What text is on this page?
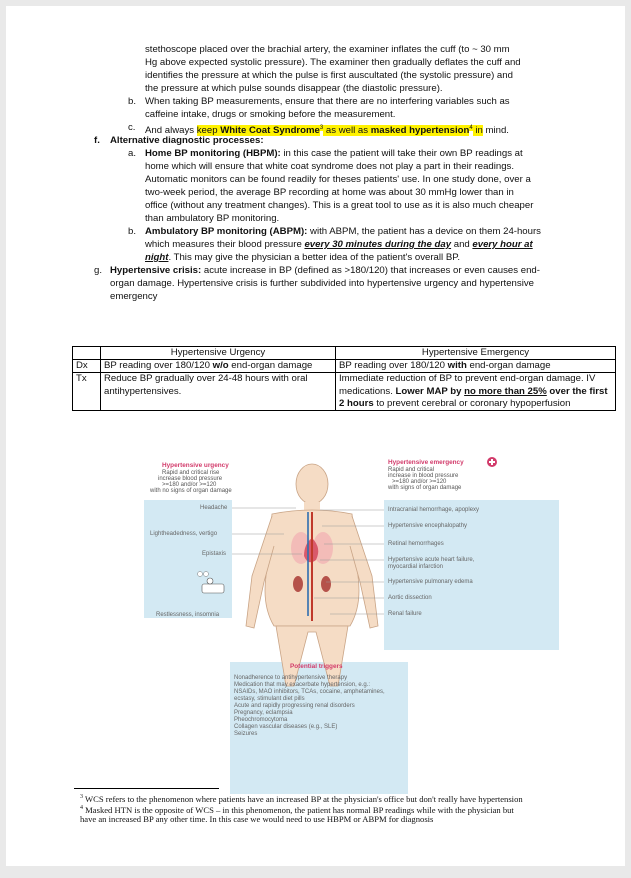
stethoscope placed over the brachial artery, the examiner inflates the cuff (to ~ 30 mm
Hg above expected systolic pressure). The examiner then gradually deflates the cuff and
identifies the pressure at which the pulse is first auscultated (the systolic pressure) and
the pressure at which pulse sounds disappear (the diastolic pressure).
b. When taking BP measurements, ensure that there are no interfering variables such as
caffeine intake, drugs or smoking before the measurement.
c. And always keep White Coat Syndrome$^3$ as well as masked hypertension$^4$ in mind.
f. Alternative diagnostic processes:
a. Home BP monitoring (HBPM): in this case the patient will take their own BP readings at
home which will ensure that white coat syndrome does not play a part in their readings.
Automatic monitors can be found readily for theses patients' use. In one study done, over a
two-week period, the average BP recording at home was about 30 mmHg lower than in
office (without any treatment changes). This is a great tool to use as it is also much cheaper
than ambulatory BP monitoring.
b. Ambulatory BP monitoring (ABPM): with ABPM, the patient has a device on them 24-hours
which measures their blood pressure every 30 minutes during the day and every hour at
night. This may give the physician a better idea of the patient's overall BP.
g. Hypertensive crisis: acute increase in BP (defined as >180/120) that increases or even causes end-
organ damage. Hypertensive crisis is further subdivided into hypertensive urgency and hypertensive
emergency
	Hypertensive Urgency	Hypertensive Emergency
Dx	BP reading over 180/120 w/o end-organ damage	BP reading over 180/120 with end-organ damage
Tx	Reduce BP gradually over 24-48 hours with oral antihypertensives.	Immediate reduction of BP to prevent end-organ damage. IV medications. Lower MAP by no more than 25% over the first 2 hours to prevent cerebral or coronary hypoperfusion
Hypertensive urgency
Rapid and critical rise
increase blood pressure
>=180 and/or >=120
with no signs of organ damage
Headache
Lightheadedness, vertigo
Epistaxis
Restlessness, insomnia
Hypertensive emergency
Rapid and critical
increase in blood pressure
>=180 and/or >=120
with signs of organ damage
Intracranial hemorrhage, apoplexy
Hypertensive encephalopathy
Retinal hemorrhages
Hypertensive acute heart failure,
myocardial infarction
Hypertensive pulmonary edema
Aortic dissection
Renal failure
Potential triggers
Nonadherence to antihypertensive therapy
Medication that may exacerbate hypertension, e.g.:
NSAIDs, MAO inhibitors, TCAs, cocaine, amphetamines,
ecstasy, stimulant diet pills
Acute and rapidly progressing renal disorders
Pregnancy, eclampsia
Pheochromocytoma
Collagen vascular diseases (e.g., SLE)
Seizures
$^3$ WCS refers to the phenomenon where patients have an increased BP at the physician's office but don't really have hypertension
$^4$ Masked HTN is the opposite of WCS – in this phenomenon, the patient has normal BP readings while with the physician but
have an increased BP any other time. In this case we would need to use HBPM or ABPM for diagnosis
